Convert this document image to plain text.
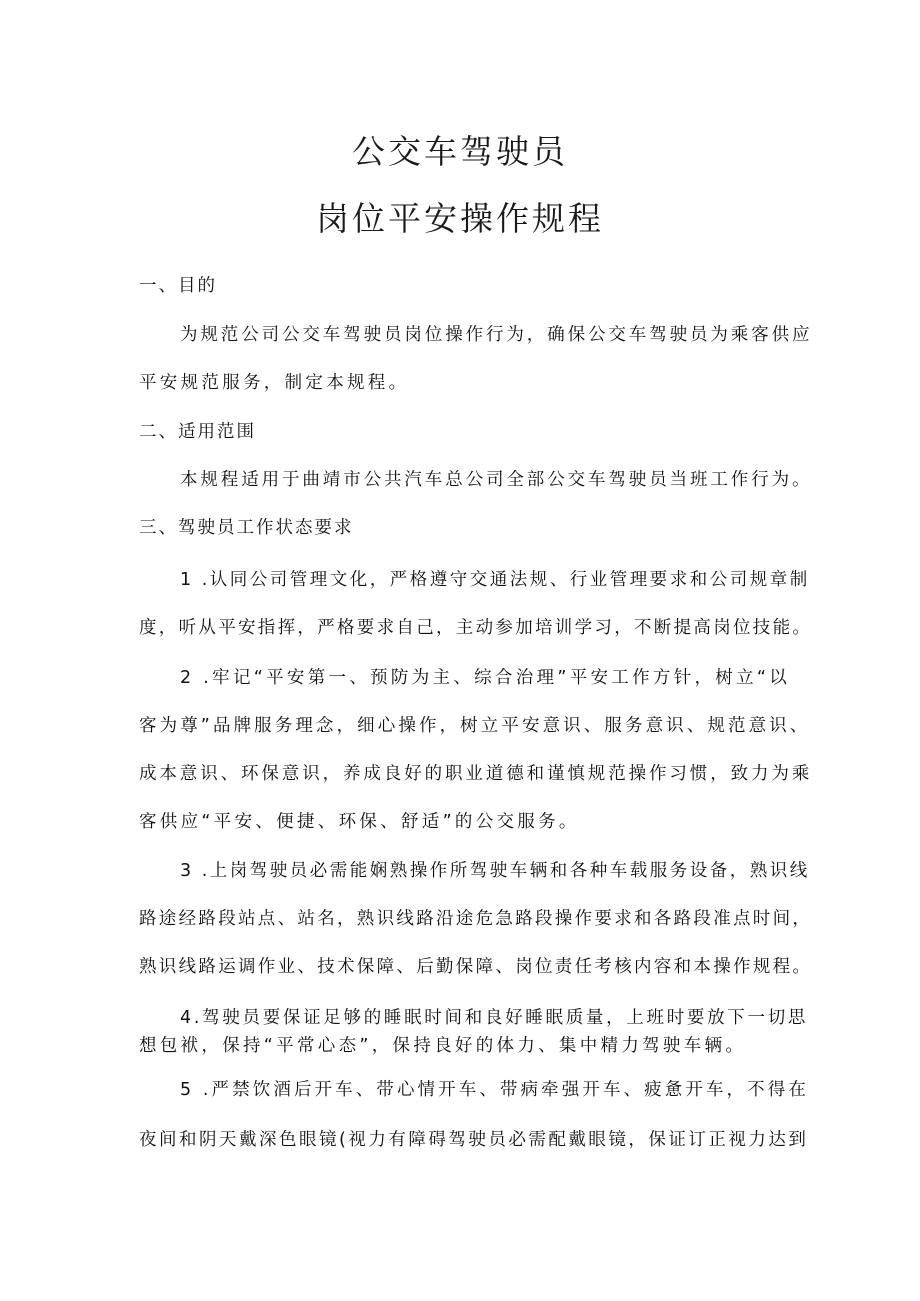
公交车驾驶员
岗位平安操作规程

一、目的

为规范公司公交车驾驶员岗位操作行为，确保公交车驾驶员为乘客供应

平安规范服务，制定本规程。

二、适用范围

本规程适用于曲靖市公共汽车总公司全部公交车驾驶员当班工作行为。

三、驾驶员工作状态要求

1 .认同公司管理文化，严格遵守交通法规、行业管理要求和公司规章制

度，听从平安指挥，严格要求自己，主动参加培训学习，不断提高岗位技能。

2 .牢记“平安第一、预防为主、综合治理”平安工作方针，树立“以

客为尊”品牌服务理念，细心操作，树立平安意识、服务意识、规范意识、

成本意识、环保意识，养成良好的职业道德和谨慎规范操作习惯，致力为乘

客供应“平安、便捷、环保、舒适”的公交服务。

3 .上岗驾驶员必需能娴熟操作所驾驶车辆和各种车载服务设备，熟识线

路途经路段站点、站名，熟识线路沿途危急路段操作要求和各路段准点时间，

熟识线路运调作业、技术保障、后勤保障、岗位责任考核内容和本操作规程。

4.驾驶员要保证足够的睡眠时间和良好睡眠质量，上班时要放下一切思

想包袱，保持“平常心态”，保持良好的体力、集中精力驾驶车辆。

5 .严禁饮酒后开车、带心情开车、带病牵强开车、疲惫开车，不得在

夜间和阴天戴深色眼镜(视力有障碍驾驶员必需配戴眼镜，保证订正视力达到
